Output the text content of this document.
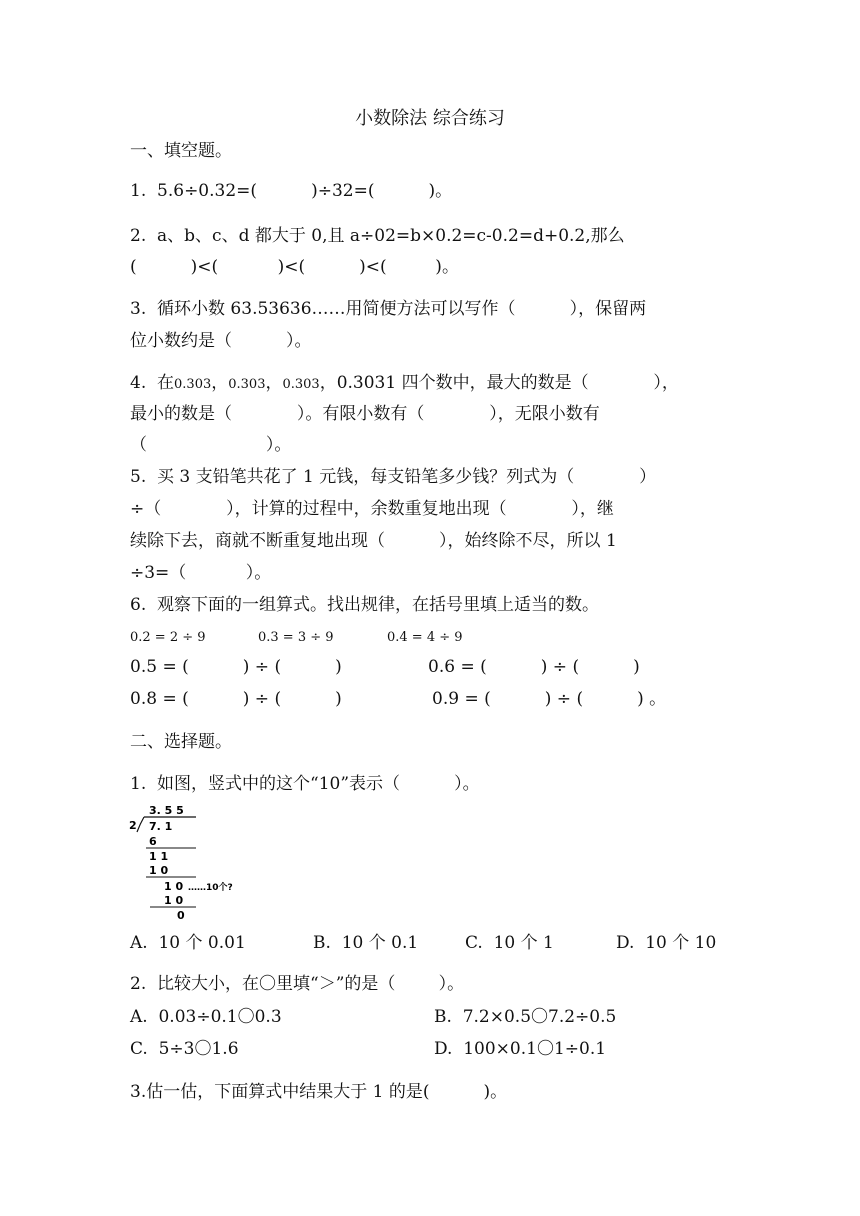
小数除法 综合练习
一、填空题。
1.  5.6÷0.32=(          )÷32=(          )。
2.  a、b、c、d 都大于 0,且 a÷02=b×0.2=c-0.2=d+0.2,那么
(          )<(           )<(          )<(         )。
3.  循环小数 63.53636……用简便方法可以写作（          ），保留两
位小数约是（          ）。
4.  在0.303，0.303，0.303，0.3031 四个数中，最大的数是（            ），
最小的数是（            ）。有限小数有（            ），无限小数有
（                      ）。
5.  买 3 支铅笔共花了 1 元钱，每支铅笔多少钱？列式为（            ）
÷（            ），计算的过程中，余数重复地出现（            ），继
续除下去，商就不断重复地出现（          ），始终除不尽，所以 1
÷3=（           ）。
6.  观察下面的一组算式。找出规律，在括号里填上适当的数。
0.2 = 2 ÷ 9	0.3 = 3 ÷ 9	0.4 = 4 ÷ 9
0.5 = (          ) ÷ (          )	0.6 = (          ) ÷ (          )
0.8 = (          ) ÷ (          )	0.9 = (          ) ÷ (          ) 。
二、选择题。
1.  如图，竖式中的这个“10”表示（          ）。
3. 5 5
2 7. 1
6
1 1
1 0
1 0 ……10个?
1 0
0
A.  10 个 0.01	B.  10 个 0.1	C.  10 个 1	D.  10 个 10
2.  比较大小，在〇里填“＞”的是（        ）。
A.  0.03÷0.1〇0.3	B.  7.2×0.5〇7.2÷0.5
C.  5÷3〇1.6	D.  100×0.1〇1÷0.1
3.估一估，下面算式中结果大于 1 的是(          )。
